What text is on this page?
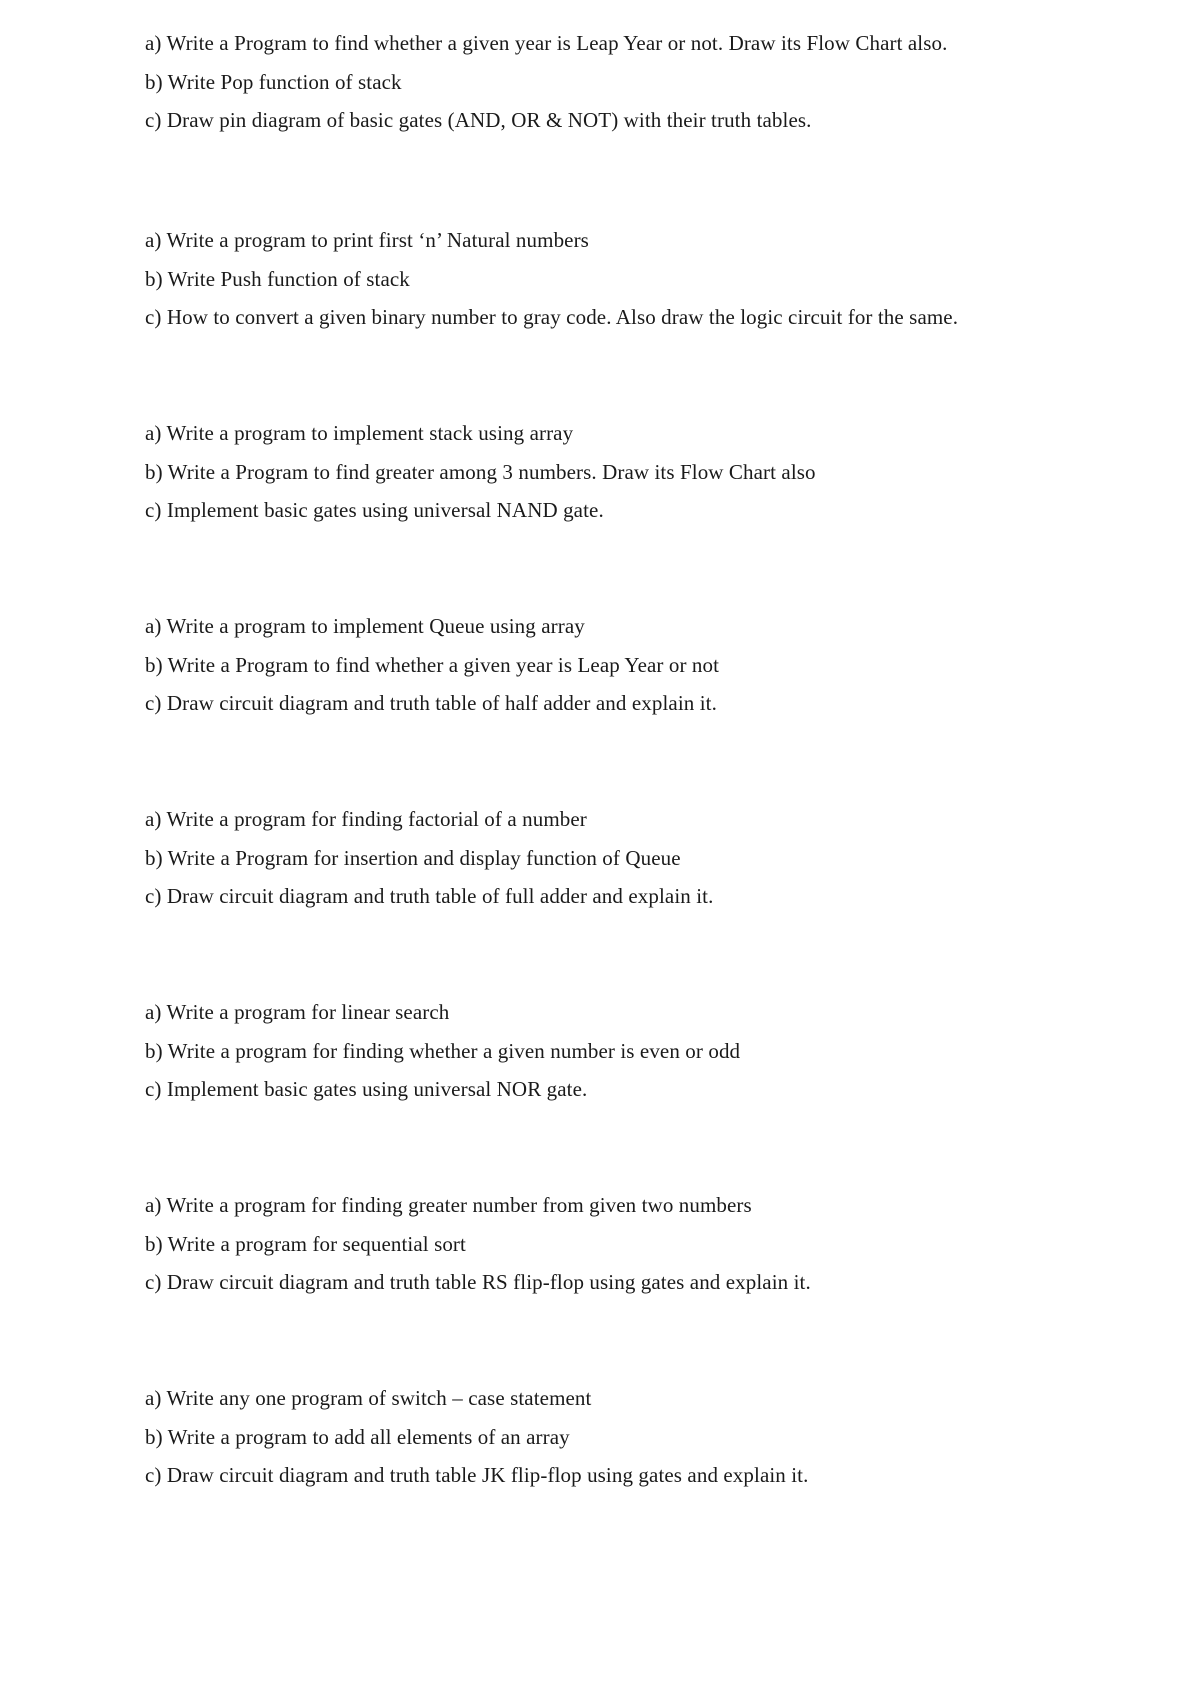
a) Write a Program to find whether a given year is Leap Year or not. Draw its Flow Chart also.
b) Write Pop function of stack
c) Draw pin diagram of basic gates (AND, OR & NOT) with their truth tables.
a) Write a program to print first ‘n’ Natural numbers
b) Write Push function of stack
c) How to convert a given binary number to gray code. Also draw the logic circuit for the same.
a) Write a program to implement stack using array
b) Write a Program to find greater among 3 numbers. Draw its Flow Chart also
c) Implement basic gates using universal NAND gate.
a) Write a program to implement Queue using array
b) Write a Program to find whether a given year is Leap Year or not
c) Draw circuit diagram and truth table of half adder and explain it.
a) Write a program for finding factorial of a number
b) Write a Program for insertion and display function of Queue
c) Draw circuit diagram and truth table of full adder and explain it.
a) Write a program for linear search
b) Write a program for finding whether a given number is even or odd
c) Implement basic gates using universal NOR gate.
a) Write a program for finding greater number from given two numbers
b) Write a program for sequential sort
c) Draw circuit diagram and truth table RS flip-flop using gates and explain it.
a) Write any one program of switch – case statement
b) Write a program to add all elements of an array
c) Draw circuit diagram and truth table JK flip-flop using gates and explain it.
